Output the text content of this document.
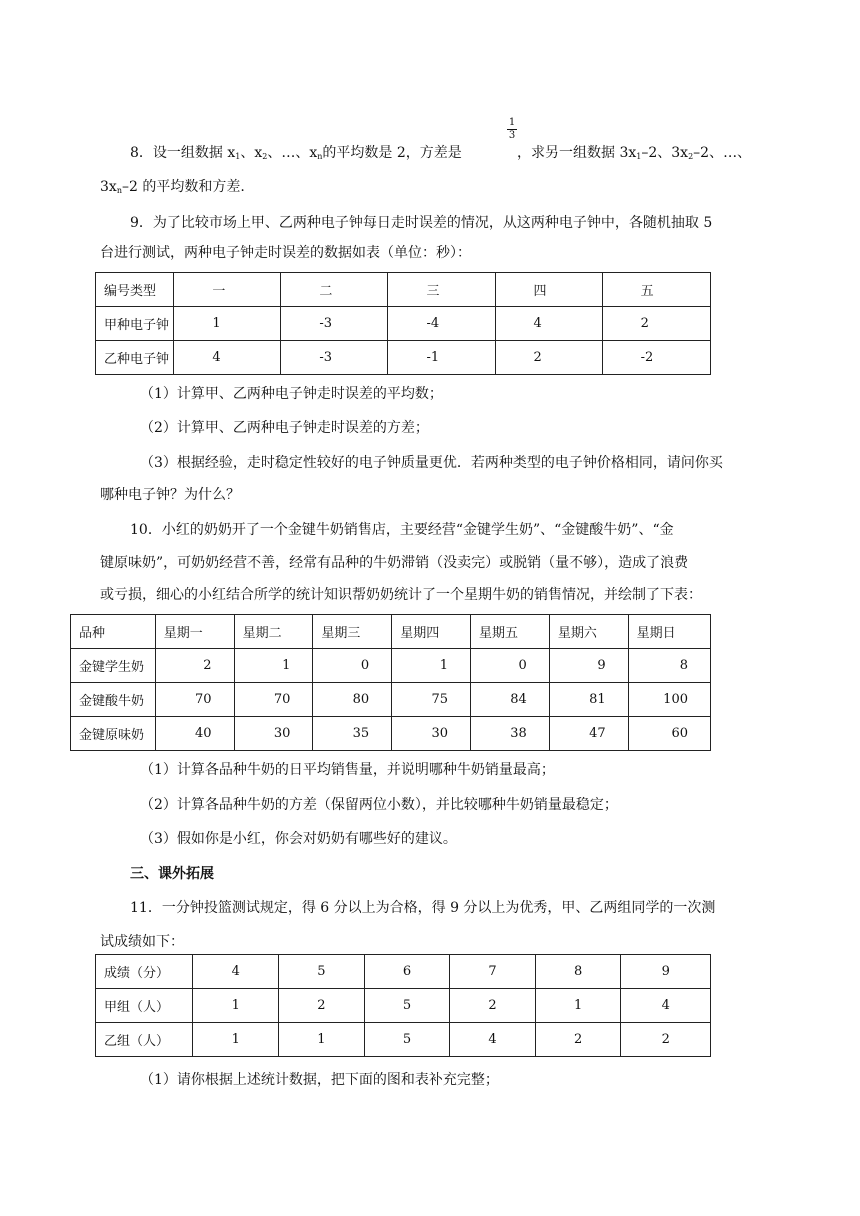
8．设一组数据 $x_1$、$x_2$、…、$x_n$的平均数是 2，方差是
1
3
，求另一组数据 $3x_1-2$、$3x_2-2$、…、
$3x_n-2$ 的平均数和方差.
9．为了比较市场上甲、乙两种电子钟每日走时误差的情况，从这两种电子钟中，各随机抽取 5
台进行测试，两种电子钟走时误差的数据如表（单位：秒）：
编号类型	一	二	三	四	五
甲种电子钟	1	-3	-4	4	2
乙种电子钟	4	-3	-1	2	-2
（1）计算甲、乙两种电子钟走时误差的平均数；
（2）计算甲、乙两种电子钟走时误差的方差；
（3）根据经验，走时稳定性较好的电子钟质量更优．若两种类型的电子钟价格相同，请问你买
哪种电子钟？为什么？
10．小红的奶奶开了一个金键牛奶销售店，主要经营“金键学生奶”、“金键酸牛奶”、“金
键原味奶”，可奶奶经营不善，经常有品种的牛奶滞销（没卖完）或脱销（量不够），造成了浪费
或亏损，细心的小红结合所学的统计知识帮奶奶统计了一个星期牛奶的销售情况，并绘制了下表：
品种	星期一	星期二	星期三	星期四	星期五	星期六	星期日
金键学生奶	2	1	0	1	0	9	8
金键酸牛奶	70	70	80	75	84	81	100
金键原味奶	40	30	35	30	38	47	60
（1）计算各品种牛奶的日平均销售量，并说明哪种牛奶销量最高；
（2）计算各品种牛奶的方差（保留两位小数），并比较哪种牛奶销量最稳定；
（3）假如你是小红，你会对奶奶有哪些好的建议。
三、课外拓展
11．一分钟投篮测试规定，得 6 分以上为合格，得 9 分以上为优秀，甲、乙两组同学的一次测
试成绩如下：
成绩（分）	4	5	6	7	8	9
甲组（人）	1	2	5	2	1	4
乙组（人）	1	1	5	4	2	2
（1）请你根据上述统计数据，把下面的图和表补充完整；
